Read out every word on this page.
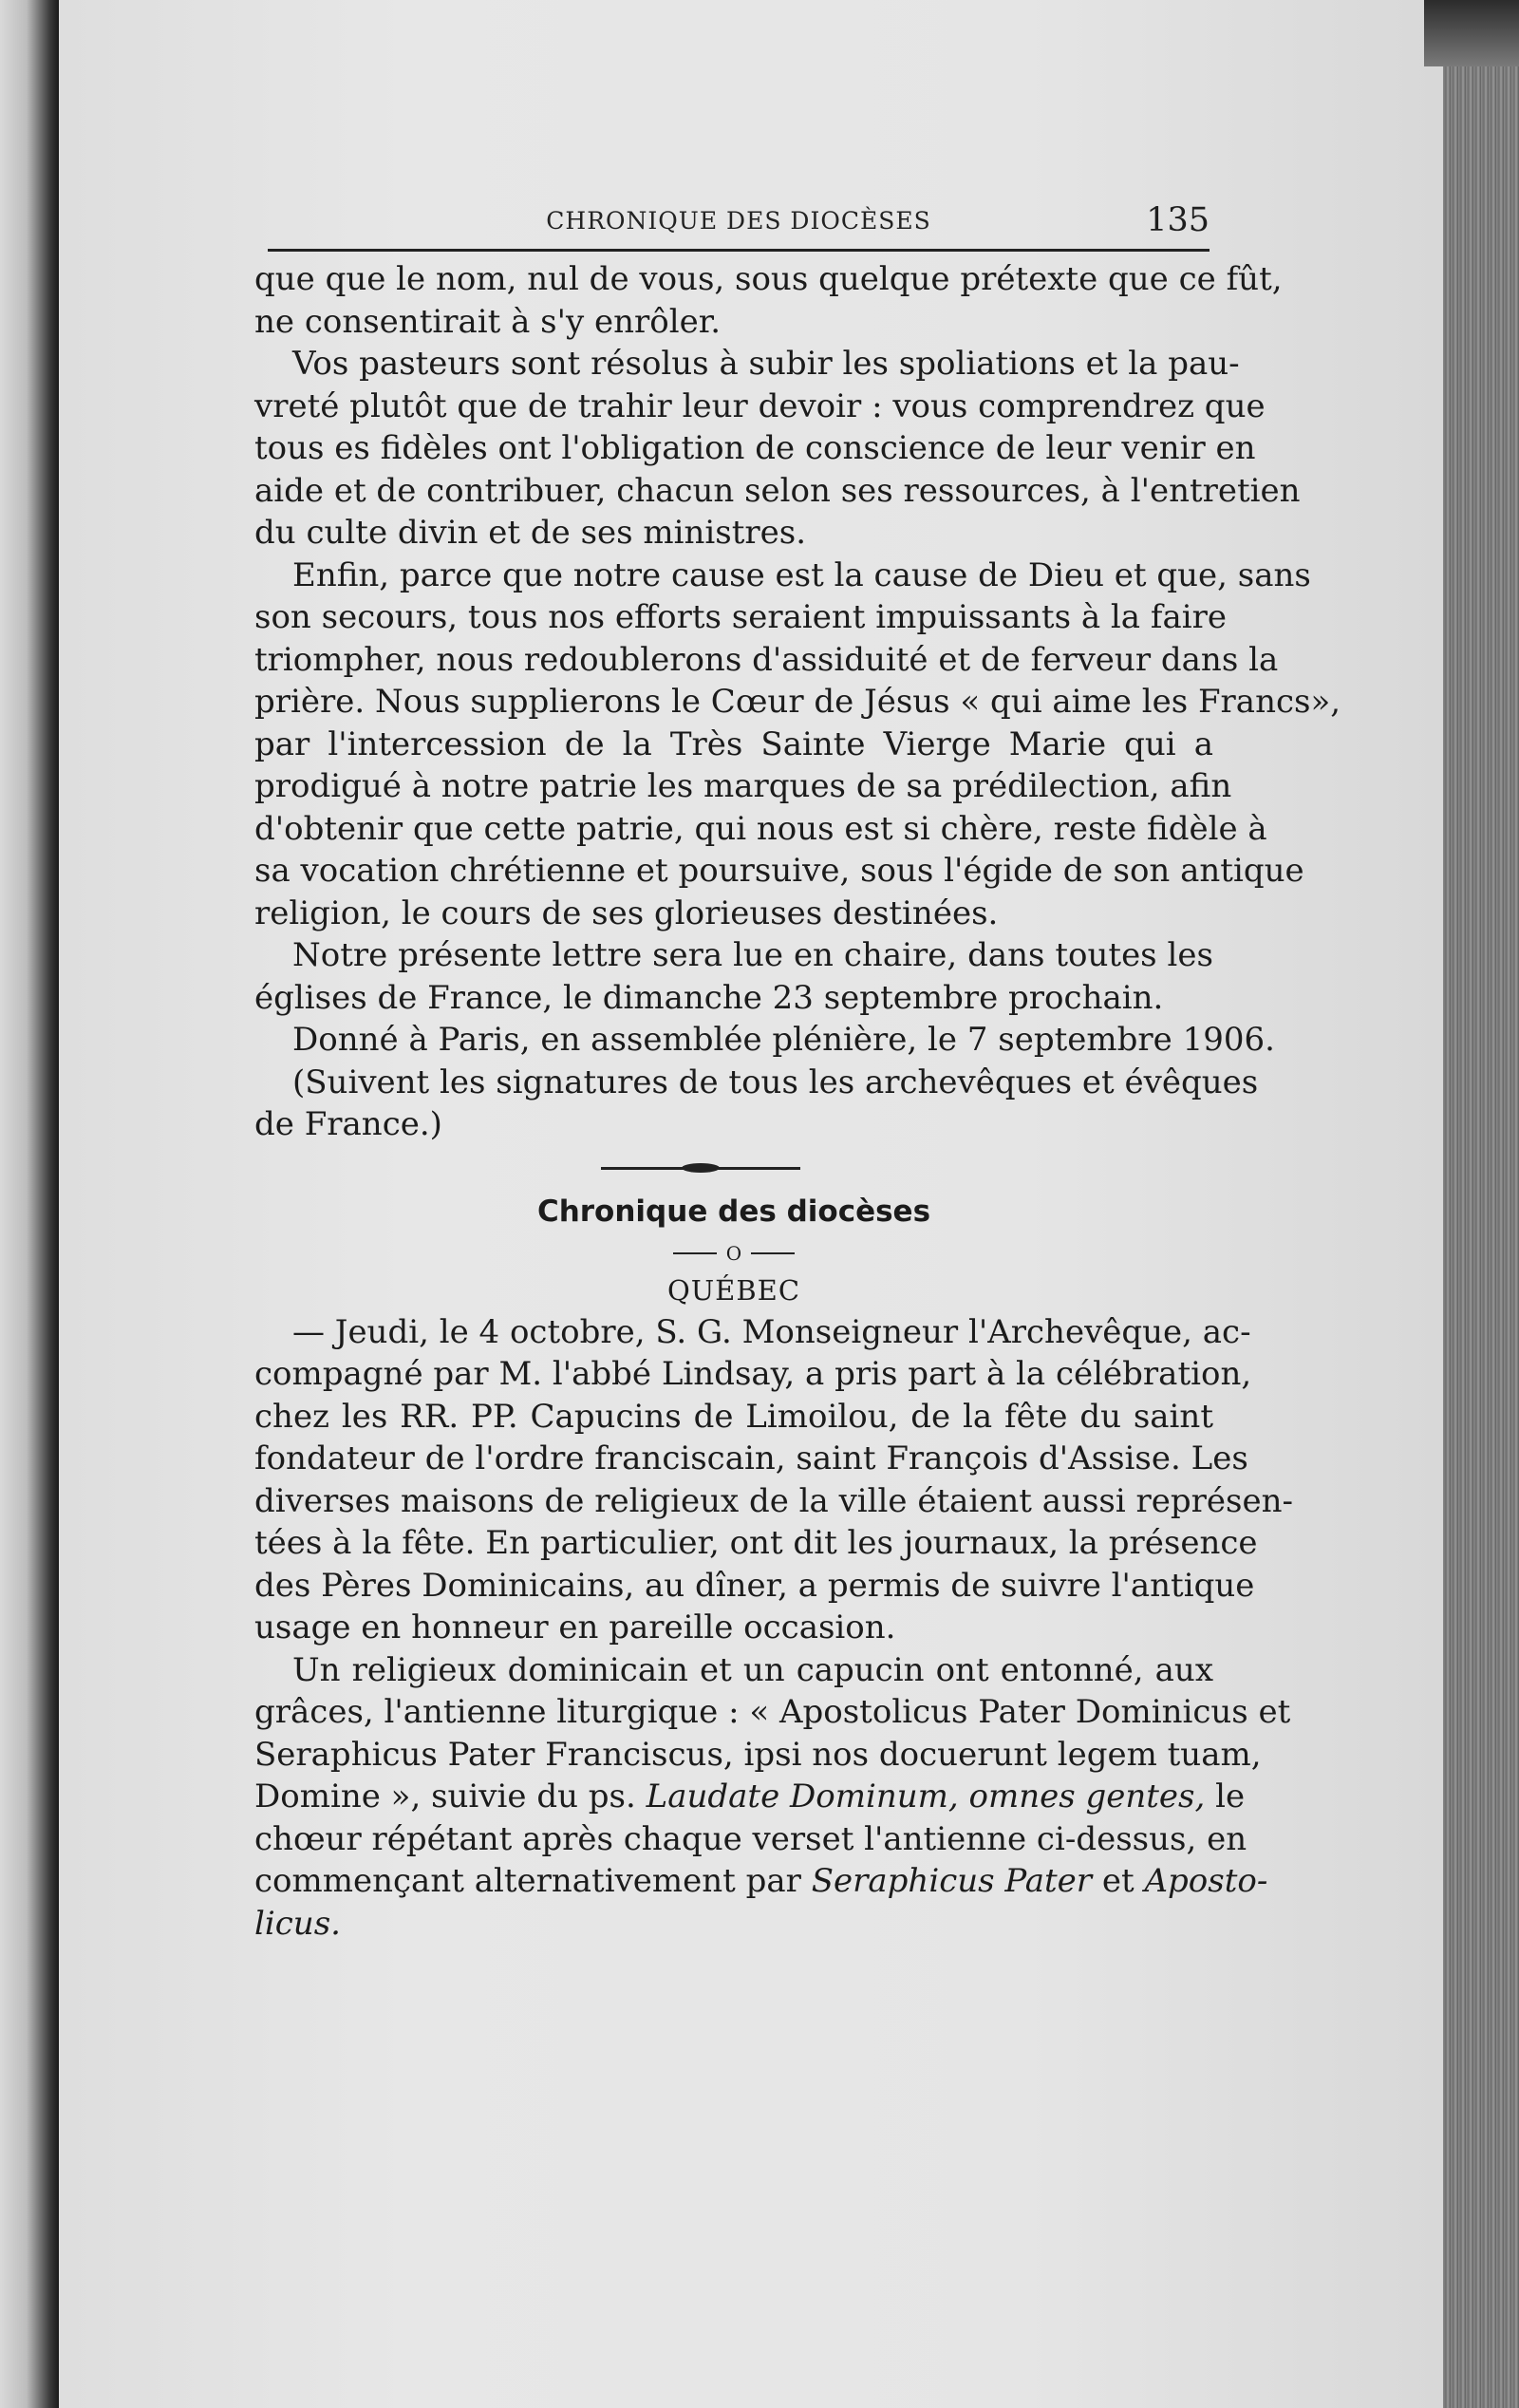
CHRONIQUE DES DIOCÈSES	135
que que le nom, nul de vous, sous quelque prétexte que ce fût,
ne consentirait à s'y enrôler.
Vos pasteurs sont résolus à subir les spoliations et la pau-
vreté plutôt que de trahir leur devoir : vous comprendrez que
tous es fidèles ont l'obligation de conscience de leur venir en
aide et de contribuer, chacun selon ses ressources, à l'entretien
du culte divin et de ses ministres.
Enfin, parce que notre cause est la cause de Dieu et que, sans
son secours, tous nos efforts seraient impuissants à la faire
triompher, nous redoublerons d'assiduité et de ferveur dans la
prière. Nous supplierons le Cœur de Jésus « qui aime les Francs»,
par l'intercession de la Très Sainte Vierge Marie qui a
prodigué à notre patrie les marques de sa prédilection, afin
d'obtenir que cette patrie, qui nous est si chère, reste fidèle à
sa vocation chrétienne et poursuive, sous l'égide de son antique
religion, le cours de ses glorieuses destinées.
Notre présente lettre sera lue en chaire, dans toutes les
églises de France, le dimanche 23 septembre prochain.
Donné à Paris, en assemblée plénière, le 7 septembre 1906.
(Suivent les signatures de tous les archevêques et évêques
de France.)
Chronique des diocèses
O
QUÉBEC
— Jeudi, le 4 octobre, S. G. Monseigneur l'Archevêque, ac-
compagné par M. l'abbé Lindsay, a pris part à la célébration,
chez les RR. PP. Capucins de Limoilou, de la fête du saint
fondateur de l'ordre franciscain, saint François d'Assise. Les
diverses maisons de religieux de la ville étaient aussi représen-
tées à la fête. En particulier, ont dit les journaux, la présence
des Pères Dominicains, au dîner, a permis de suivre l'antique
usage en honneur en pareille occasion.
Un religieux dominicain et un capucin ont entonné, aux
grâces, l'antienne liturgique : « Apostolicus Pater Dominicus et
Seraphicus Pater Franciscus, ipsi nos docuerunt legem tuam,
Domine », suivie du ps. Laudate Dominum, omnes gentes, le
chœur répétant après chaque verset l'antienne ci-dessus, en
commençant alternativement par Seraphicus Pater et Aposto-
licus.
